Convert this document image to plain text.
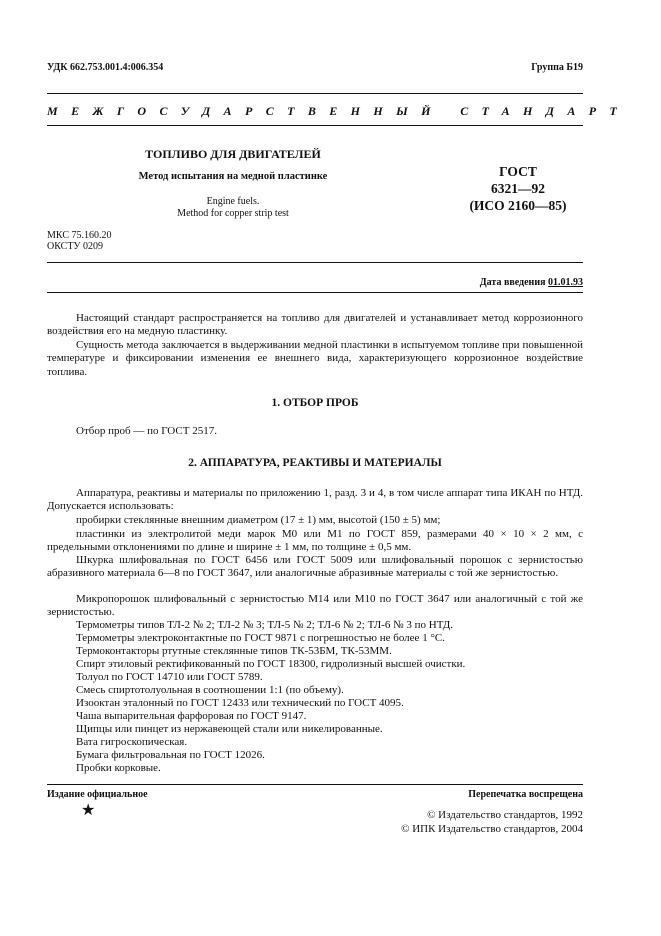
УДК 662.753.001.4:006.354	Группа Б19
МЕЖГОСУДАРСТВЕННЫЙ СТАНДАРТ
ТОПЛИВО ДЛЯ ДВИГАТЕЛЕЙ
Метод испытания на медной пластинке
Engine fuels.
Method for copper strip test
ГОСТ
6321—92
(ИСО 2160—85)
МКС 75.160.20
ОКСТУ 0209
Дата введения 01.01.93
Настоящий стандарт распространяется на топливо для двигателей и устанавливает метод коррозионного воздействия его на медную пластинку.
Сущность метода заключается в выдерживании медной пластинки в испытуемом топливе при повышенной температуре и фиксировании изменения ее внешнего вида, характеризующего коррозионное воздействие топлива.
1. ОТБОР ПРОБ
Отбор проб — по ГОСТ 2517.
2. АППАРАТУРА, РЕАКТИВЫ И МАТЕРИАЛЫ
Аппаратура, реактивы и материалы по приложению 1, разд. 3 и 4, в том числе аппарат типа ИКАН по НТД. Допускается использовать:
пробирки стеклянные внешним диаметром (17 ± 1) мм, высотой (150 ± 5) мм;
пластинки из электролитой меди марок М0 или М1 по ГОСТ 859, размерами 40 × 10 × 2 мм, с предельными отклонениями по длине и ширине ± 1 мм, по толщине ± 0,5 мм.
Шкурка шлифовальная по ГОСТ 6456 или ГОСТ 5009 или шлифовальный порошок с зернистостью абразивного материала 6—8 по ГОСТ 3647, или аналогичные абразивные материалы с той же зернистостью.
Микропорошок шлифовальный с зернистостью М14 или М10 по ГОСТ 3647 или аналогичный с той же зернистостью.
Термометры типов ТЛ-2 № 2; ТЛ-2 № 3; ТЛ-5 № 2; ТЛ-6 № 2; ТЛ-6 № 3 по НТД.
Термометры электроконтактные по ГОСТ 9871 с погрешностью не более 1 °С.
Термоконтакторы ртутные стеклянные типов ТК-53БМ, ТК-53ММ.
Спирт этиловый ректификованный по ГОСТ 18300, гидролизный высшей очистки.
Толуол по ГОСТ 14710 или ГОСТ 5789.
Смесь спиртотолуольная в соотношении 1:1 (по объему).
Изооктан эталонный по ГОСТ 12433 или технический по ГОСТ 4095.
Чаша выпарительная фарфоровая по ГОСТ 9147.
Щипцы или пинцет из нержавеющей стали или никелированные.
Вата гигроскопическая.
Бумага фильтровальная по ГОСТ 12026.
Пробки корковые.
Издание официальное	Перепечатка воспрещена
★	© Издательство стандартов, 1992
© ИПК Издательство стандартов, 2004
